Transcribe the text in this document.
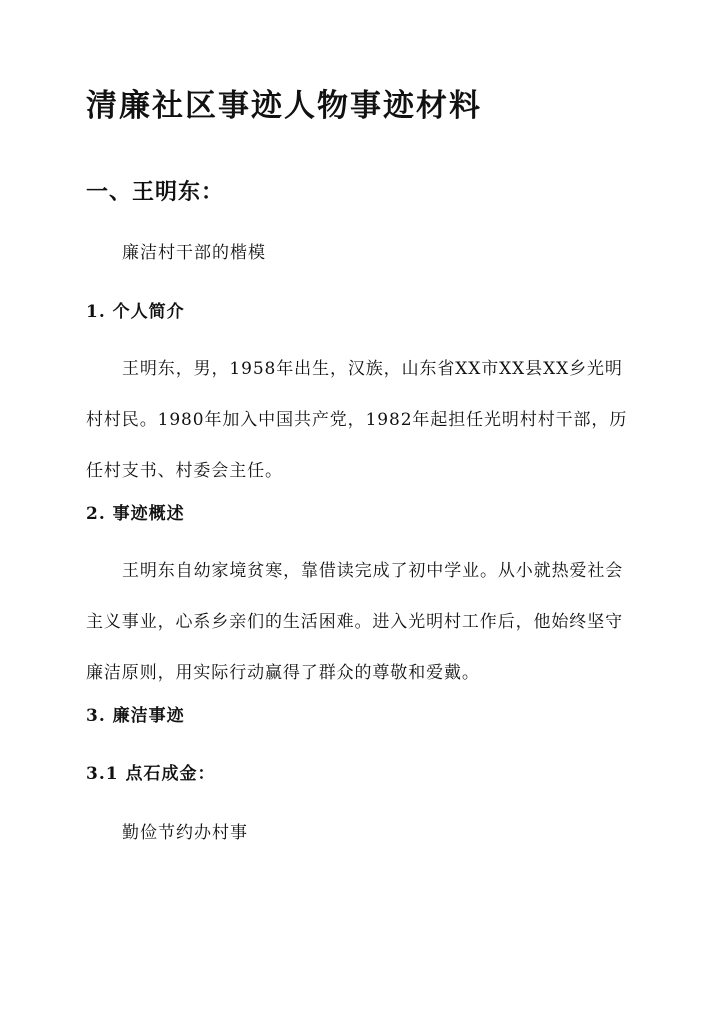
清廉社区事迹人物事迹材料
一、王明东：

廉洁村干部的楷模

1. 个人简介

王明东，男，1958年出生，汉族，山东省XX市XX县XX乡光明村村民。1980年加入中国共产党，1982年起担任光明村村干部，历任村支书、村委会主任。

2. 事迹概述

王明东自幼家境贫寒，靠借读完成了初中学业。从小就热爱社会主义事业，心系乡亲们的生活困难。进入光明村工作后，他始终坚守廉洁原则，用实际行动赢得了群众的尊敬和爱戴。

3. 廉洁事迹
3.1 点石成金：

勤俭节约办村事
